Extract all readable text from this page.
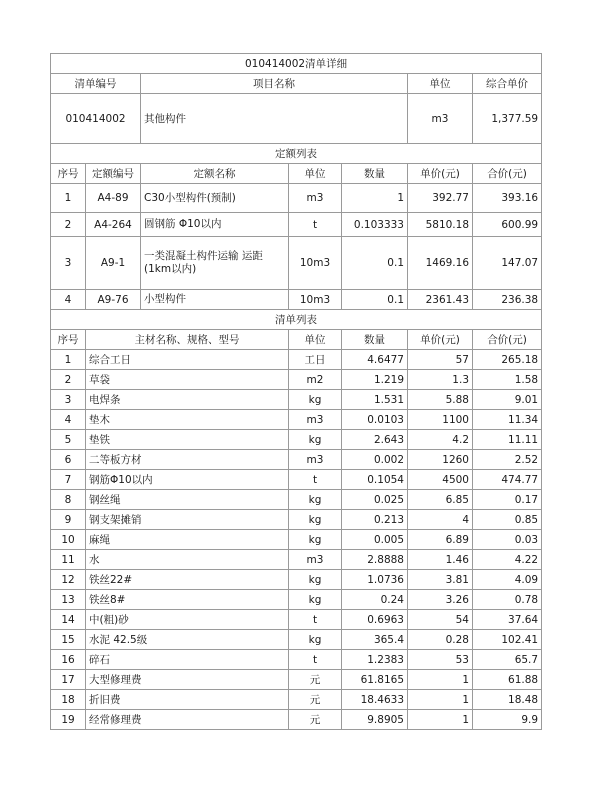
010414002清单详细						
清单编号		项目名称			单位	综合单价
010414002		其他构件			m3	1,377.59
定额列表						
序号	定额编号	定额名称	单位	数量	单价(元)	合价(元)
1	A4-89	C30小型构件(预制)	m3	1	392.77	393.16
2	A4-264	圆钢筋 Φ10以内	t	0.103333	5810.18	600.99
3	A9-1	一类混凝土构件运输 运距(1km以内)	10m3	0.1	1469.16	147.07
4	A9-76	小型构件	10m3	0.1	2361.43	236.38
清单列表						
序号	主材名称、规格、型号		单位	数量	单价(元)	合价(元)
1	综合工日		工日	4.6477	57	265.18
2	草袋		m2	1.219	1.3	1.58
3	电焊条		kg	1.531	5.88	9.01
4	垫木		m3	0.0103	1100	11.34
5	垫铁		kg	2.643	4.2	11.11
6	二等板方材		m3	0.002	1260	2.52
7	钢筋Φ10以内		t	0.1054	4500	474.77
8	钢丝绳		kg	0.025	6.85	0.17
9	钢支架摊销		kg	0.213	4	0.85
10	麻绳		kg	0.005	6.89	0.03
11	水		m3	2.8888	1.46	4.22
12	铁丝22#		kg	1.0736	3.81	4.09
13	铁丝8#		kg	0.24	3.26	0.78
14	中(粗)砂		t	0.6963	54	37.64
15	水泥 42.5级		kg	365.4	0.28	102.41
16	碎石		t	1.2383	53	65.7
17	大型修理费		元	61.8165	1	61.88
18	折旧费		元	18.4633	1	18.48
19	经常修理费		元	9.8905	1	9.9
